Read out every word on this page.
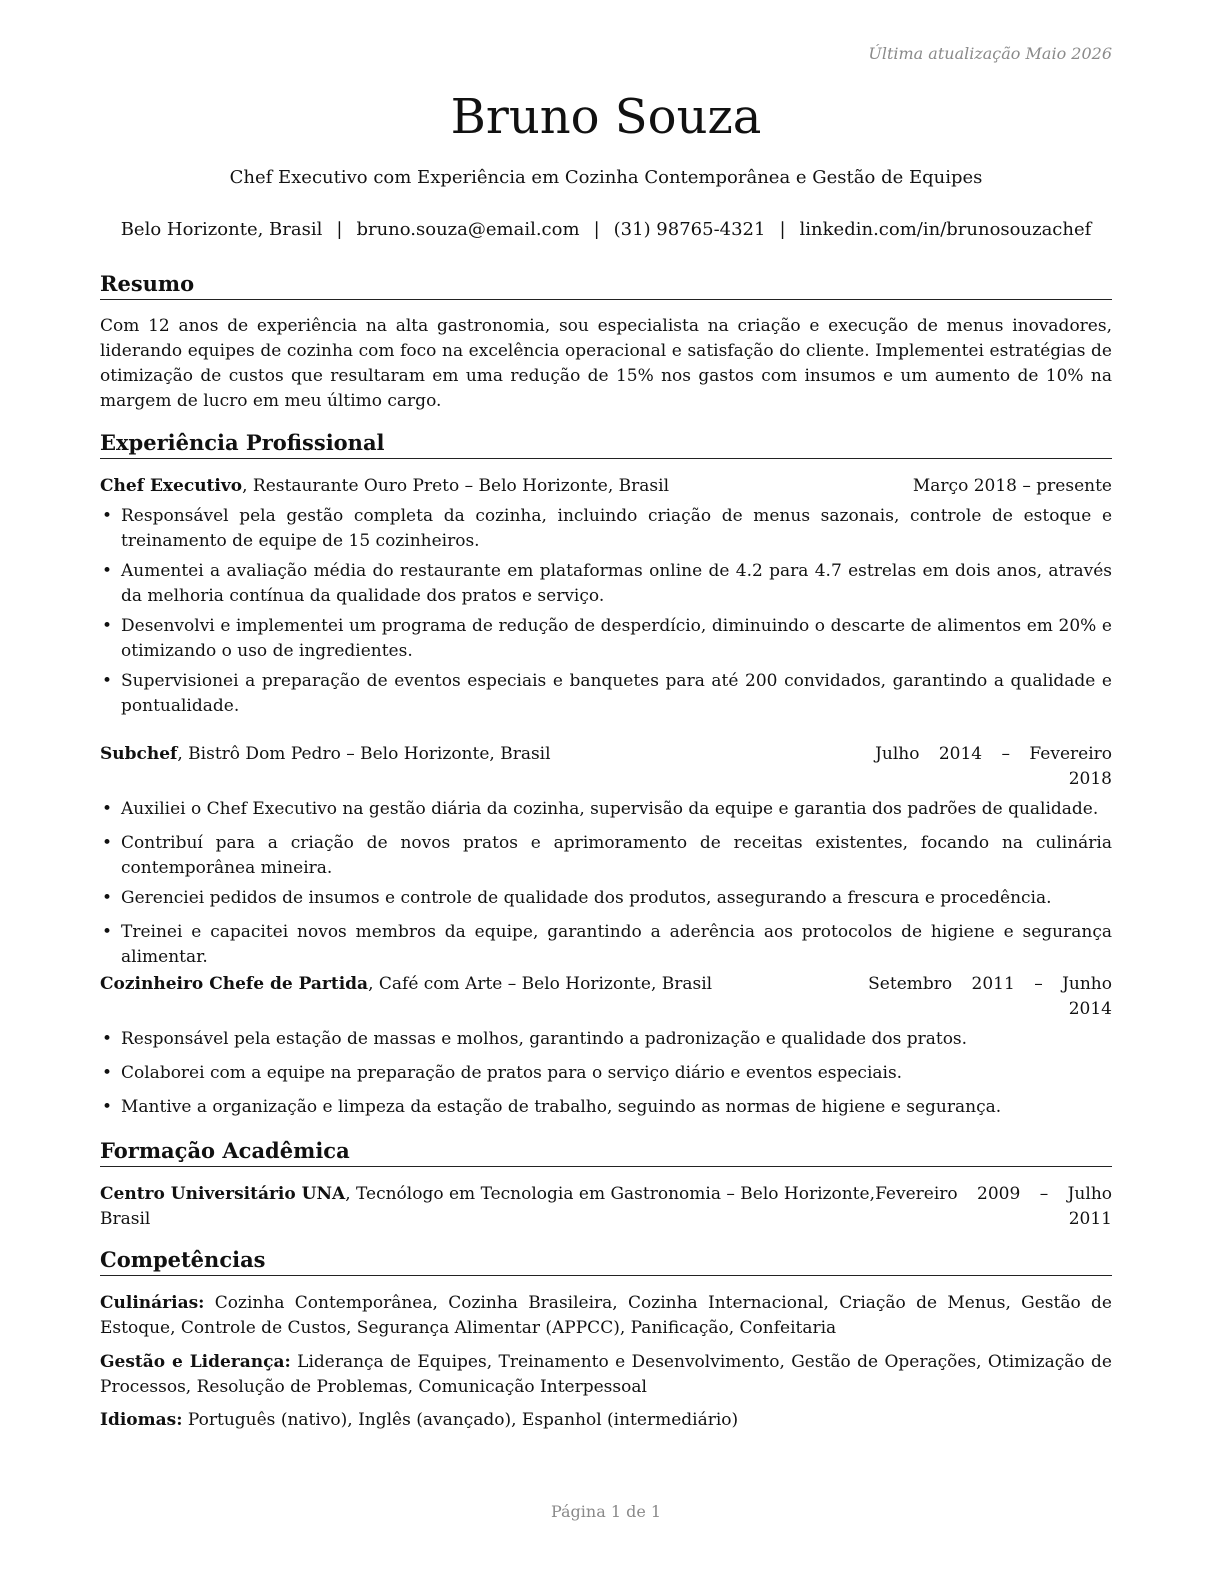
Última atualização Maio 2026
Bruno Souza
Chef Executivo com Experiência em Cozinha Contemporânea e Gestão de Equipes
Belo Horizonte, Brasil | bruno.souza@email.com | (31) 98765-4321 | linkedin.com/in/brunosouzachef
Resumo

Com 12 anos de experiência na alta gastronomia, sou especialista na criação e execução de menus inovadores, liderando equipes de cozinha com foco na excelência operacional e satisfação do cliente. Implementei estratégias de otimização de custos que resultaram em uma redução de 15% nos gastos com insumos e um aumento de 10% na margem de lucro em meu último cargo.

Experiência Profissional
Chef Executivo, Restaurante Ouro Preto – Belo Horizonte, Brasil	Março 2018 – presente
• Responsável pela gestão completa da cozinha, incluindo criação de menus sazonais, controle de estoque e treinamento de equipe de 15 cozinheiros.
• Aumentei a avaliação média do restaurante em plataformas online de 4.2 para 4.7 estrelas em dois anos, através da melhoria contínua da qualidade dos pratos e serviço.
• Desenvolvi e implementei um programa de redução de desperdício, diminuindo o descarte de alimentos em 20% e otimizando o uso de ingredientes.
• Supervisionei a preparação de eventos especiais e banquetes para até 200 convidados, garantindo a qualidade e pontualidade.
Subchef, Bistrô Dom Pedro – Belo Horizonte, Brasil	Julho 2014 – Fevereiro
2018
• Auxiliei o Chef Executivo na gestão diária da cozinha, supervisão da equipe e garantia dos padrões de qualidade.
• Contribuí para a criação de novos pratos e aprimoramento de receitas existentes, focando na culinária contemporânea mineira.
• Gerenciei pedidos de insumos e controle de qualidade dos produtos, assegurando a frescura e procedência.
• Treinei e capacitei novos membros da equipe, garantindo a aderência aos protocolos de higiene e segurança alimentar.
Cozinheiro Chefe de Partida, Café com Arte – Belo Horizonte, Brasil	Setembro 2011 – Junho
2014
• Responsável pela estação de massas e molhos, garantindo a padronização e qualidade dos pratos.
• Colaborei com a equipe na preparação de pratos para o serviço diário e eventos especiais.
• Mantive a organização e limpeza da estação de trabalho, seguindo as normas de higiene e segurança.
Formação Acadêmica
Centro Universitário UNA, Tecnólogo em Tecnologia em Gastronomia – Belo Horizonte,
Brasil
Fevereiro 2009 – Julho
2011
Competências
Culinárias: Cozinha Contemporânea, Cozinha Brasileira, Cozinha Internacional, Criação de Menus, Gestão de Estoque, Controle de Custos, Segurança Alimentar (APPCC), Panificação, Confeitaria
Gestão e Liderança: Liderança de Equipes, Treinamento e Desenvolvimento, Gestão de Operações, Otimização de Processos, Resolução de Problemas, Comunicação Interpessoal
Idiomas: Português (nativo), Inglês (avançado), Espanhol (intermediário)
Página 1 de 1
